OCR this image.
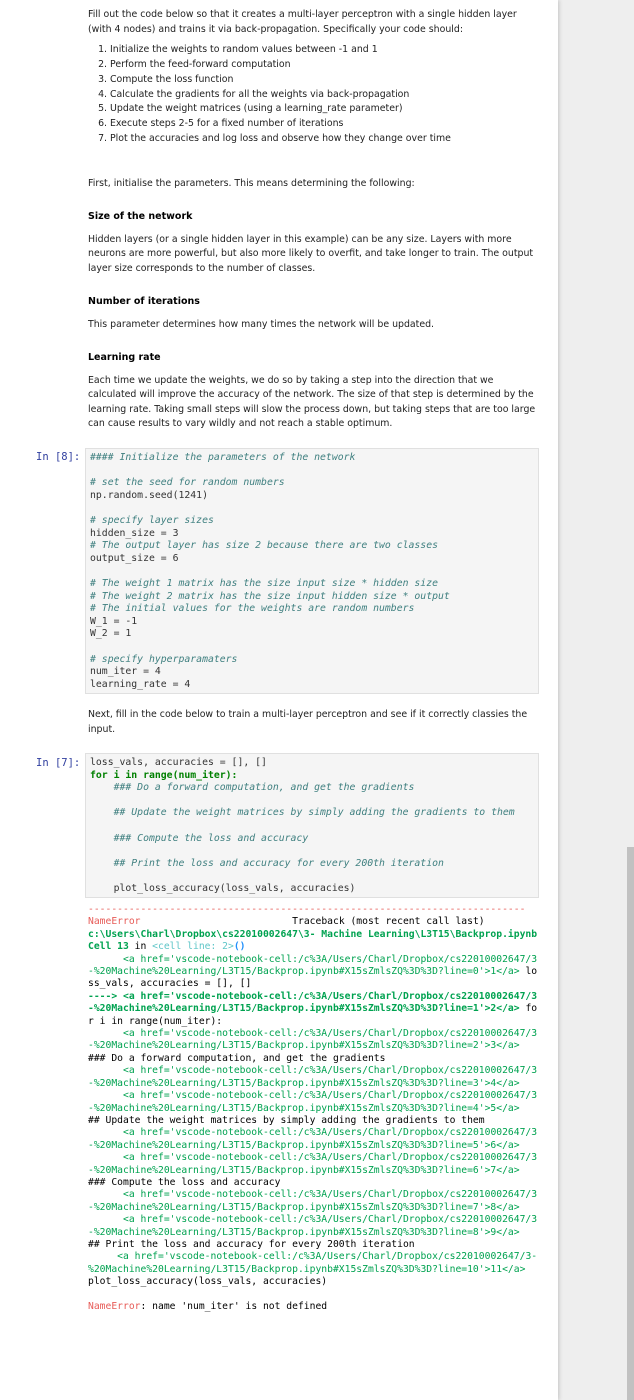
Fill out the code below so that it creates a multi-layer perceptron with a single hidden layer (with 4 nodes) and trains it via back-propagation. Specifically your code should:

1. Initialize the weights to random values between -1 and 1
2. Perform the feed-forward computation
3. Compute the loss function
4. Calculate the gradients for all the weights via back-propagation
5. Update the weight matrices (using a learning_rate parameter)
6. Execute steps 2-5 for a fixed number of iterations
7. Plot the accuracies and log loss and observe how they change over time

First, initialise the parameters. This means determining the following:

Size of the network

Hidden layers (or a single hidden layer in this example) can be any size. Layers with more neurons are more powerful, but also more likely to overfit, and take longer to train. The output layer size corresponds to the number of classes.

Number of iterations

This parameter determines how many times the network will be updated.

Learning rate

Each time we update the weights, we do so by taking a step into the direction that we calculated will improve the accuracy of the network. The size of that step is determined by the learning rate. Taking small steps will slow the process down, but taking steps that are too large can cause results to vary wildly and not reach a stable optimum.

In [8]: #### Initialize the parameters of the network

# set the seed for random numbers
np.random.seed(1241)

# specify layer sizes
hidden_size = 3
# The output layer has size 2 because there are two classes
output_size = 6

# The weight 1 matrix has the size input size * hidden size
# The weight 2 matrix has the size input hidden size * output
# The initial values for the weights are random numbers
W_1 = -1
W_2 = 1

# specify hyperparamaters
num_iter = 4
learning_rate = 4

Next, fill in the code below to train a multi-layer perceptron and see if it correctly classies the input.

In [7]: loss_vals, accuracies = [], []
for i in range(num_iter):
### Do a forward computation, and get the gradients

## Update the weight matrices by simply adding the gradients to them

### Compute the loss and accuracy

## Print the loss and accuracy for every 200th iteration

plot_loss_accuracy(loss_vals, accuracies)
---------------------------------------------------------------------------
NameError	Traceback (most recent call last)
c:\Users\Charl\Dropbox\cs22010002647\3- Machine Learning\L3T15\Backprop.ipynb Cell 13 in <cell line: 2>()
<a href='vscode-notebook-cell:/c%3A/Users/Charl/Dropbox/cs22010002647/3-%20Machine%20Learning/L3T15/Backprop.ipynb#X15sZmlsZQ%3D%3D?line=0'>1</a> loss_vals, accuracies = [], []
----> <a href='vscode-notebook-cell:/c%3A/Users/Charl/Dropbox/cs22010002647/3-%20Machine%20Learning/L3T15/Backprop.ipynb#X15sZmlsZQ%3D%3D?line=1'>2</a> for i in range(num_iter):
<a href='vscode-notebook-cell:/c%3A/Users/Charl/Dropbox/cs22010002647/3-%20Machine%20Learning/L3T15/Backprop.ipynb#X15sZmlsZQ%3D%3D?line=2'>3</a>     ### Do a forward computation, and get the gradients
<a href='vscode-notebook-cell:/c%3A/Users/Charl/Dropbox/cs22010002647/3-%20Machine%20Learning/L3T15/Backprop.ipynb#X15sZmlsZQ%3D%3D?line=3'>4</a>
<a href='vscode-notebook-cell:/c%3A/Users/Charl/Dropbox/cs22010002647/3-%20Machine%20Learning/L3T15/Backprop.ipynb#X15sZmlsZQ%3D%3D?line=4'>5</a>     ## Update the weight matrices by simply adding the gradients to them
<a href='vscode-notebook-cell:/c%3A/Users/Charl/Dropbox/cs22010002647/3-%20Machine%20Learning/L3T15/Backprop.ipynb#X15sZmlsZQ%3D%3D?line=5'>6</a>
<a href='vscode-notebook-cell:/c%3A/Users/Charl/Dropbox/cs22010002647/3-%20Machine%20Learning/L3T15/Backprop.ipynb#X15sZmlsZQ%3D%3D?line=6'>7</a>     ### Compute the loss and accuracy
<a href='vscode-notebook-cell:/c%3A/Users/Charl/Dropbox/cs22010002647/3-%20Machine%20Learning/L3T15/Backprop.ipynb#X15sZmlsZQ%3D%3D?line=7'>8</a>
<a href='vscode-notebook-cell:/c%3A/Users/Charl/Dropbox/cs22010002647/3-%20Machine%20Learning/L3T15/Backprop.ipynb#X15sZmlsZQ%3D%3D?line=8'>9</a>     ## Print the loss and accuracy for every 200th iteration
<a href='vscode-notebook-cell:/c%3A/Users/Charl/Dropbox/cs22010002647/3-%20Machine%20Learning/L3T15/Backprop.ipynb#X15sZmlsZQ%3D%3D?line=10'>11</a>     plot_loss_accuracy(loss_vals, accuracies)

NameError: name 'num_iter' is not defined
